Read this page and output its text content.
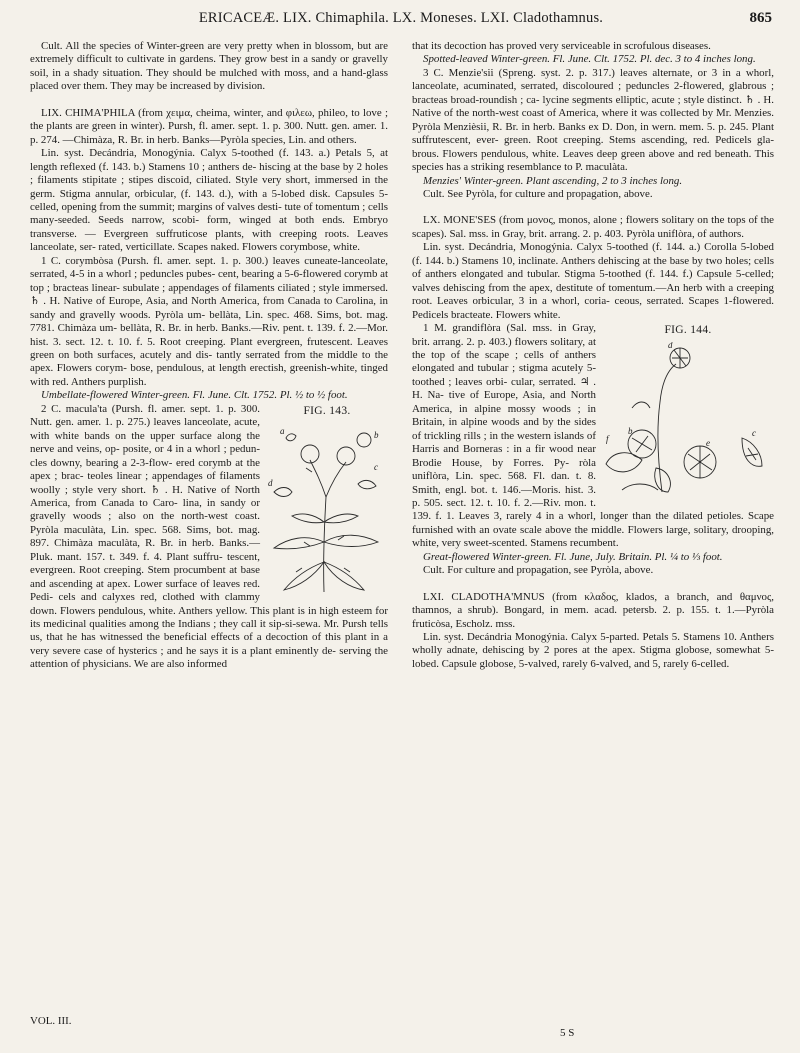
ERICACEÆ. LIX. Chimaphila. LX. Moneses. LXI. Cladothamnus.	865

Cult. All the species of Winter-green are very pretty when in blossom, but are extremely difficult to cultivate in gardens. They grow best in a sandy or gravelly soil, in a shady situation. They should be mulched with moss, and a hand-glass placed over them. They may be increased by division.

LIX. CHIMA'PHILA (from χειμα, cheima, winter, and φιλεω, phileo, to love ; the plants are green in winter). Pursh, fl. amer. sept. 1. p. 300. Nutt. gen. amer. 1. p. 274. —Chimàza, R. Br. in herb. Banks—Pyròla species, Lin. and others.

Lin. syst. Decándria, Monogýnia. Calyx 5-toothed (f. 143. a.) Petals 5, at length reflexed (f. 143. b.) Stamens 10 ; anthers de- hiscing at the base by 2 holes ; filaments stipitate ; stipes discoid, ciliated. Style very short, immersed in the germ. Stigma annular, orbicular, (f. 143. d.), with a 5-lobed disk. Capsules 5-celled, opening from the summit; margins of valves desti- tute of tomentum ; cells many-seeded. Seeds narrow, scobi- form, winged at both ends. Embryo transverse. — Evergreen suffruticose plants, with creeping roots. Leaves lanceolate, ser- rated, verticillate. Scapes naked. Flowers corymbose, white.

1 C. corymbòsa (Pursh. fl. amer. sept. 1. p. 300.) leaves cuneate-lanceolate, serrated, 4-5 in a whorl ; peduncles pubes- cent, bearing a 5-6-flowered corymb at top ; bracteas linear- subulate ; appendages of filaments ciliated ; style immersed. ♄ . H. Native of Europe, Asia, and North America, from Canada to Carolina, in sandy and gravelly woods. Pyròla um- bellàta, Lin. spec. 468. Sims, bot. mag. 7781. Chimàza um- bellàta, R. Br. in herb. Banks.—Riv. pent. t. 139. f. 2.—Mor. hist. 3. sect. 12. t. 10. f. 5. Root creeping. Plant evergreen, frutescent. Leaves green on both surfaces, acutely and dis- tantly serrated from the middle to the apex. Flowers corym- bose, pendulous, at length erectish, greenish-white, tinged with red. Anthers purplish.

Umbellate-flowered Winter-green. Fl. June. Clt. 1752. Pl. ½ to ½ foot.

FIG. 143.
a	b
c
d

2 C. macula'ta (Pursh. fl. amer. sept. 1. p. 300. Nutt. gen. amer. 1. p. 275.) leaves lanceolate, acute, with white bands on the upper surface along the nerve and veins, op- posite, or 4 in a whorl ; pedun- cles downy, bearing a 2-3-flow- ered corymb at the apex ; brac- teoles linear ; appendages of filaments woolly ; style very short. ♄ . H. Native of North America, from Canada to Caro- lina, in sandy or gravelly woods ; also on the north-west coast. Pyròla maculàta, Lin. spec. 568. Sims, bot. mag. 897. Chimàza maculàta, R. Br. in herb. Banks.—Pluk. mant. 157. t. 349. f. 4. Plant suffru- tescent, evergreen. Root creeping. Stem procumbent at base and ascending at apex. Lower surface of leaves red. Pedi- cels and calyxes red, clothed with clammy down. Flowers pendulous, white. Anthers yellow. This plant is in high esteem for its medicinal qualities among the Indians ; they call it sip-si-sewa. Mr. Pursh tells us, that he has witnessed the beneficial effects of a decoction of this plant in a very severe case of hysterics ; and he says it is a plant eminently de- serving the attention of physicians. We are also informed

that its decoction has proved very serviceable in scrofulous diseases.

Spotted-leaved Winter-green. Fl. June. Clt. 1752. Pl. dec. 3 to 4 inches long.

3 C. Menzie'sii (Spreng. syst. 2. p. 317.) leaves alternate, or 3 in a whorl, lanceolate, acuminated, serrated, discoloured ; peduncles 2-flowered, glabrous ; bracteas broad-roundish ; ca- lycine segments elliptic, acute ; style distinct. ♄ . H. Native of the north-west coast of America, where it was collected by Mr. Menzies. Pyròla Menzièsii, R. Br. in herb. Banks ex D. Don, in wern. mem. 5. p. 245. Plant suffrutescent, ever- green. Root creeping. Stems ascending, red. Pedicels gla- brous. Flowers pendulous, white. Leaves deep green above and red beneath. This species has a striking resemblance to P. maculàta.

Menzies' Winter-green. Plant ascending, 2 to 3 inches long.

Cult. See Pyròla, for culture and propagation, above.

LX. MONE'SES (from μονος, monos, alone ; flowers solitary on the tops of the scapes). Sal. mss. in Gray, brit. arrang. 2. p. 403. Pyròla uniflòra, of authors.

Lin. syst. Decándria, Monogýnia. Calyx 5-toothed (f. 144. a.) Corolla 5-lobed (f. 144. b.) Stamens 10, inclinate. Anthers dehiscing at the base by two holes; cells of anthers elongated and tubular. Stigma 5-toothed (f. 144. f.) Capsule 5-celled; valves dehiscing from the apex, destitute of tomentum.—An herb with a creeping root. Leaves orbicular, 3 in a whorl, coria- ceous, serrated. Scapes 1-flowered. Pedicels bracteate. Flowers white.

FIG. 144.
d
b
e
c
f

1 M. grandiflòra (Sal. mss. in Gray, brit. arrang. 2. p. 403.) flowers solitary, at the top of the scape ; cells of anthers elongated and tubular ; stigma acutely 5-toothed ; leaves orbi- cular, serrated. ♃ . H. Na- tive of Europe, Asia, and North America, in alpine mossy woods ; in Britain, in alpine woods and by the sides of trickling rills ; in the western islands of Harris and Borneras : in a fir wood near Brodie House, by Forres. Py- ròla uniflòra, Lin. spec. 568. Fl. dan. t. 8. Smith, engl. bot. t. 146.—Moris. hist. 3. p. 505. sect. 12. t. 10. f. 2.—Riv. mon. t. 139. f. 1. Leaves 3, rarely 4 in a whorl, longer than the dilated petioles. Scape furnished with an ovate scale above the middle. Flowers large, solitary, drooping, white, very sweet-scented. Stamens recumbent.

Great-flowered Winter-green. Fl. June, July. Britain. Pl. ¼ to ⅓ foot.

Cult. For culture and propagation, see Pyròla, above.

LXI. CLADOTHA'MNUS (from κλαδος, klados, a branch, and θαμνος, thamnos, a shrub). Bongard, in mem. acad. petersb. 2. p. 155. t. 1.—Pyròla fruticòsa, Escholz. mss.

Lin. syst. Decándria Monogýnia. Calyx 5-parted. Petals 5. Stamens 10. Anthers wholly adnate, dehiscing by 2 pores at the apex. Stigma globose, somewhat 5-lobed. Capsule globose, 5-valved, rarely 6-valved, and 5, rarely 6-celled.

VOL. III.
5 S
